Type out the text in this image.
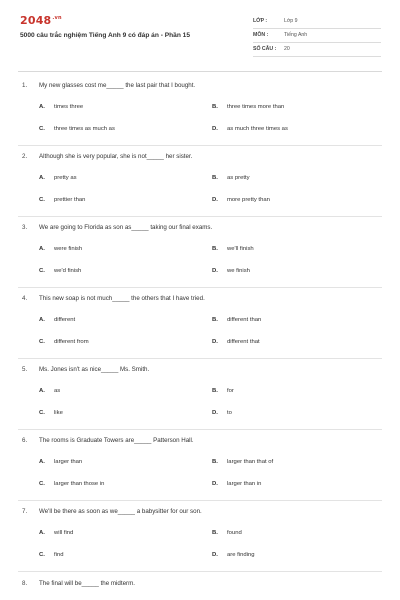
$2048^{.vn}$
5000 câu trắc nghiệm Tiếng Anh 9 có đáp án - Phần 15
LỚP :	Lớp 9
MÔN :	Tiếng Anh
SỐ CÂU : 20
1. My new glasses cost me_____ the last pair that I bought.
A. times three	B. three times more than
C. three times as much as	D. as much three times as
2. Although she is very popular, she is not_____ her sister.
A. pretty as	B. as pretty
C. prettier than	D. more pretty than
3. We are going to Florida as son as_____ taking our final exams.
A. were finish	B. we'll finish
C. we'd finish	D. we finish
4. This new soap is not much_____ the others that I have tried.
A. different	B. different than
C. different from	D. different that
5. Ms. Jones isn't as nice_____ Ms. Smith.
A. as	B. for
C. like	D. to
6. The rooms is Graduate Towers are_____ Patterson Hall.
A. larger than	B. larger than that of
C. larger than those in	D. larger than in
7. We'll be there as soon as we_____ a babysitter for our son.
A. will find	B. found
C. find	D. are finding
8. The final will be_____ the midterm.
